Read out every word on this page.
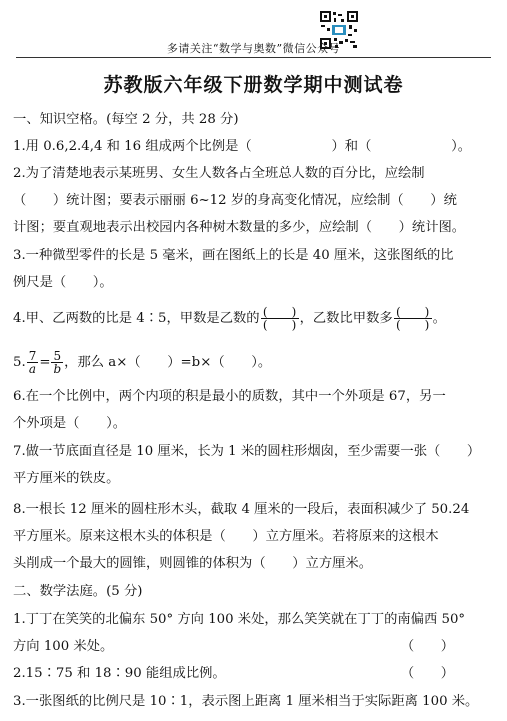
多请关注“数学与奥数”微信公众号
苏教版六年级下册数学期中测试卷
一、知识空格。(每空 2 分，共 28 分)
1.用 0.6,2.4,4 和 16 组成两个比例是（　　　　　　）和（　　　　　　）。
2.为了清楚地表示某班男、女生人数各占全班总人数的百分比，应绘制
（　　）统计图；要表示丽丽 6~12 岁的身高变化情况，应绘制（　　）统
计图；要直观地表示出校园内各种树木数量的多少，应绘制（　　）统计图。
3.一种微型零件的长是 5 毫米，画在图纸上的长是 40 厘米，这张图纸的比
例尺是（　　）。
4.甲、乙两数的比是 4∶5，甲数是乙数的 $\frac{( )}{( )}$ ，乙数比甲数多 $\frac{( )}{( )}$ 。
5. $\frac{7}{a} = \frac{5}{b}$ ，那么 a×（　　）=b×（　　）。
6.在一个比例中，两个内项的积是最小的质数，其中一个外项是 67，另一
个外项是（　　）。
7.做一节底面直径是 10 厘米，长为 1 米的圆柱形烟囱，至少需要一张（　　）
平方厘米的铁皮。
8.一根长 12 厘米的圆柱形木头，截取 4 厘米的一段后，表面积减少了 50.24
平方厘米。原来这根木头的体积是（　　）立方厘米。若将原来的这根木
头削成一个最大的圆锥，则圆锥的体积为（　　）立方厘米。
二、数学法庭。(5 分)
1.丁丁在笑笑的北偏东 50° 方向 100 米处，那么笑笑就在丁丁的南偏西 50°
方向 100 米处。	（　　）
2.15∶75 和 18∶90 能组成比例。	（　　）
3.一张图纸的比例尺是 10∶1，表示图上距离 1 厘米相当于实际距离 100 米。
